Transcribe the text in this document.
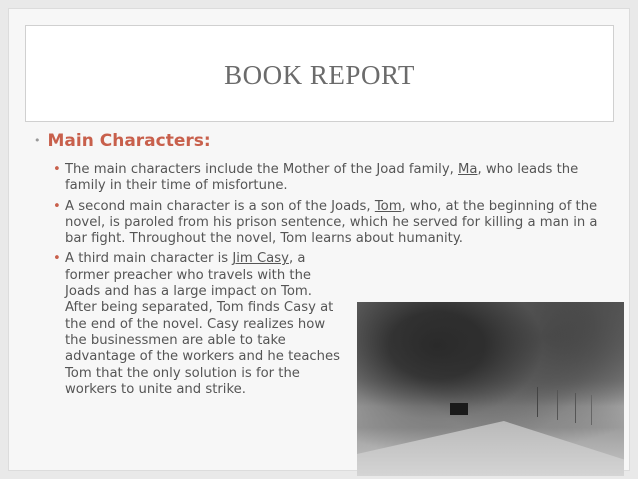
BOOK REPORT
• Main Characters:
• The main characters include the Mother of the Joad family, Ma, who leads the family in their time of misfortune.
• A second main character is a son of the Joads, Tom, who, at the beginning of the novel, is paroled from his prison sentence, which he served for killing a man in a bar fight. Throughout the novel, Tom learns about humanity.
• A third main character is Jim Casy, a former preacher who travels with the Joads and has a large impact on Tom. After being separated, Tom finds Casy at the end of the novel. Casy realizes how the businessmen are able to take advantage of the workers and he teaches Tom that the only solution is for the workers to unite and strike.
